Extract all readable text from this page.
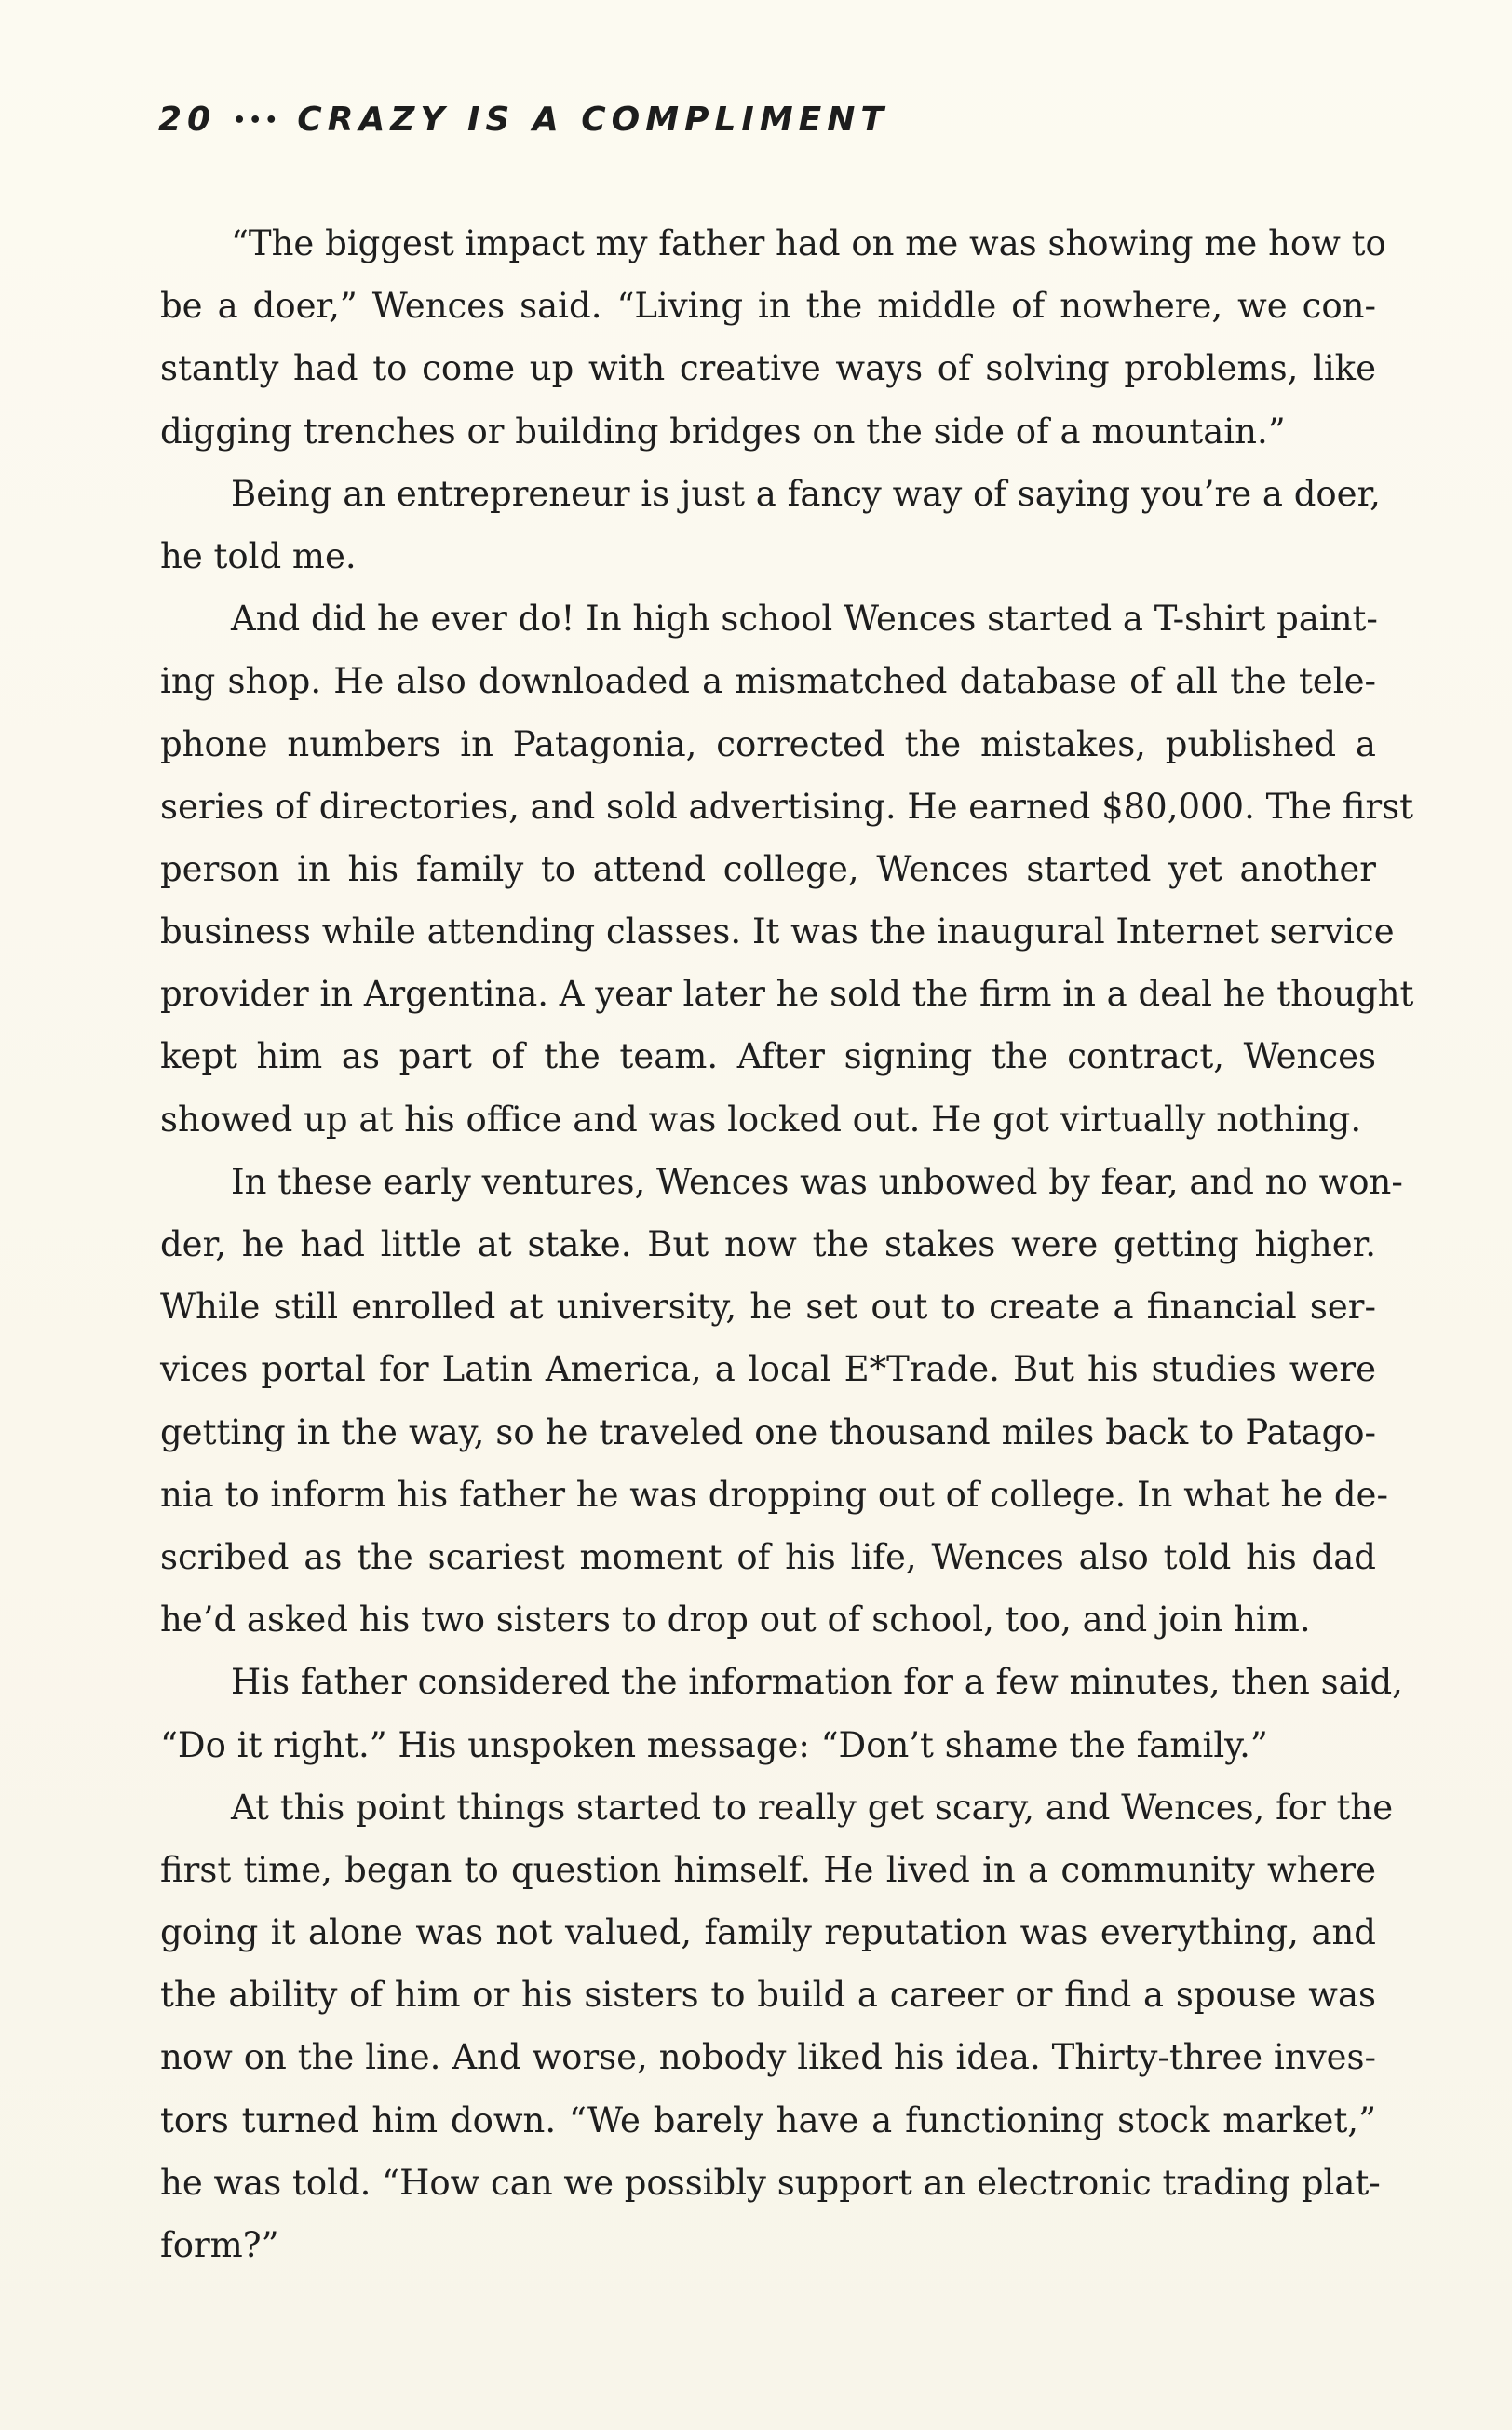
20 ••• CRAZY IS A COMPLIMENT
“The biggest impact my father had on me was showing me how to
be a doer,” Wences said. “Living in the middle of nowhere, we con-
stantly had to come up with creative ways of solving problems, like
digging trenches or building bridges on the side of a mountain.”
Being an entrepreneur is just a fancy way of saying you’re a doer,
he told me.
And did he ever do! In high school Wences started a T-shirt paint-
ing shop. He also downloaded a mismatched database of all the tele-
phone numbers in Patagonia, corrected the mistakes, published a
series of directories, and sold advertising. He earned $80,000. The first
person in his family to attend college, Wences started yet another
business while attending classes. It was the inaugural Internet service
provider in Argentina. A year later he sold the firm in a deal he thought
kept him as part of the team. After signing the contract, Wences
showed up at his office and was locked out. He got virtually nothing.
In these early ventures, Wences was unbowed by fear, and no won-
der, he had little at stake. But now the stakes were getting higher.
While still enrolled at university, he set out to create a financial ser-
vices portal for Latin America, a local E*Trade. But his studies were
getting in the way, so he traveled one thousand miles back to Patago-
nia to inform his father he was dropping out of college. In what he de-
scribed as the scariest moment of his life, Wences also told his dad
he’d asked his two sisters to drop out of school, too, and join him.
His father considered the information for a few minutes, then said,
“Do it right.” His unspoken message: “Don’t shame the family.”
At this point things started to really get scary, and Wences, for the
first time, began to question himself. He lived in a community where
going it alone was not valued, family reputation was everything, and
the ability of him or his sisters to build a career or find a spouse was
now on the line. And worse, nobody liked his idea. Thirty-three inves-
tors turned him down. “We barely have a functioning stock market,”
he was told. “How can we possibly support an electronic trading plat-
form?”
